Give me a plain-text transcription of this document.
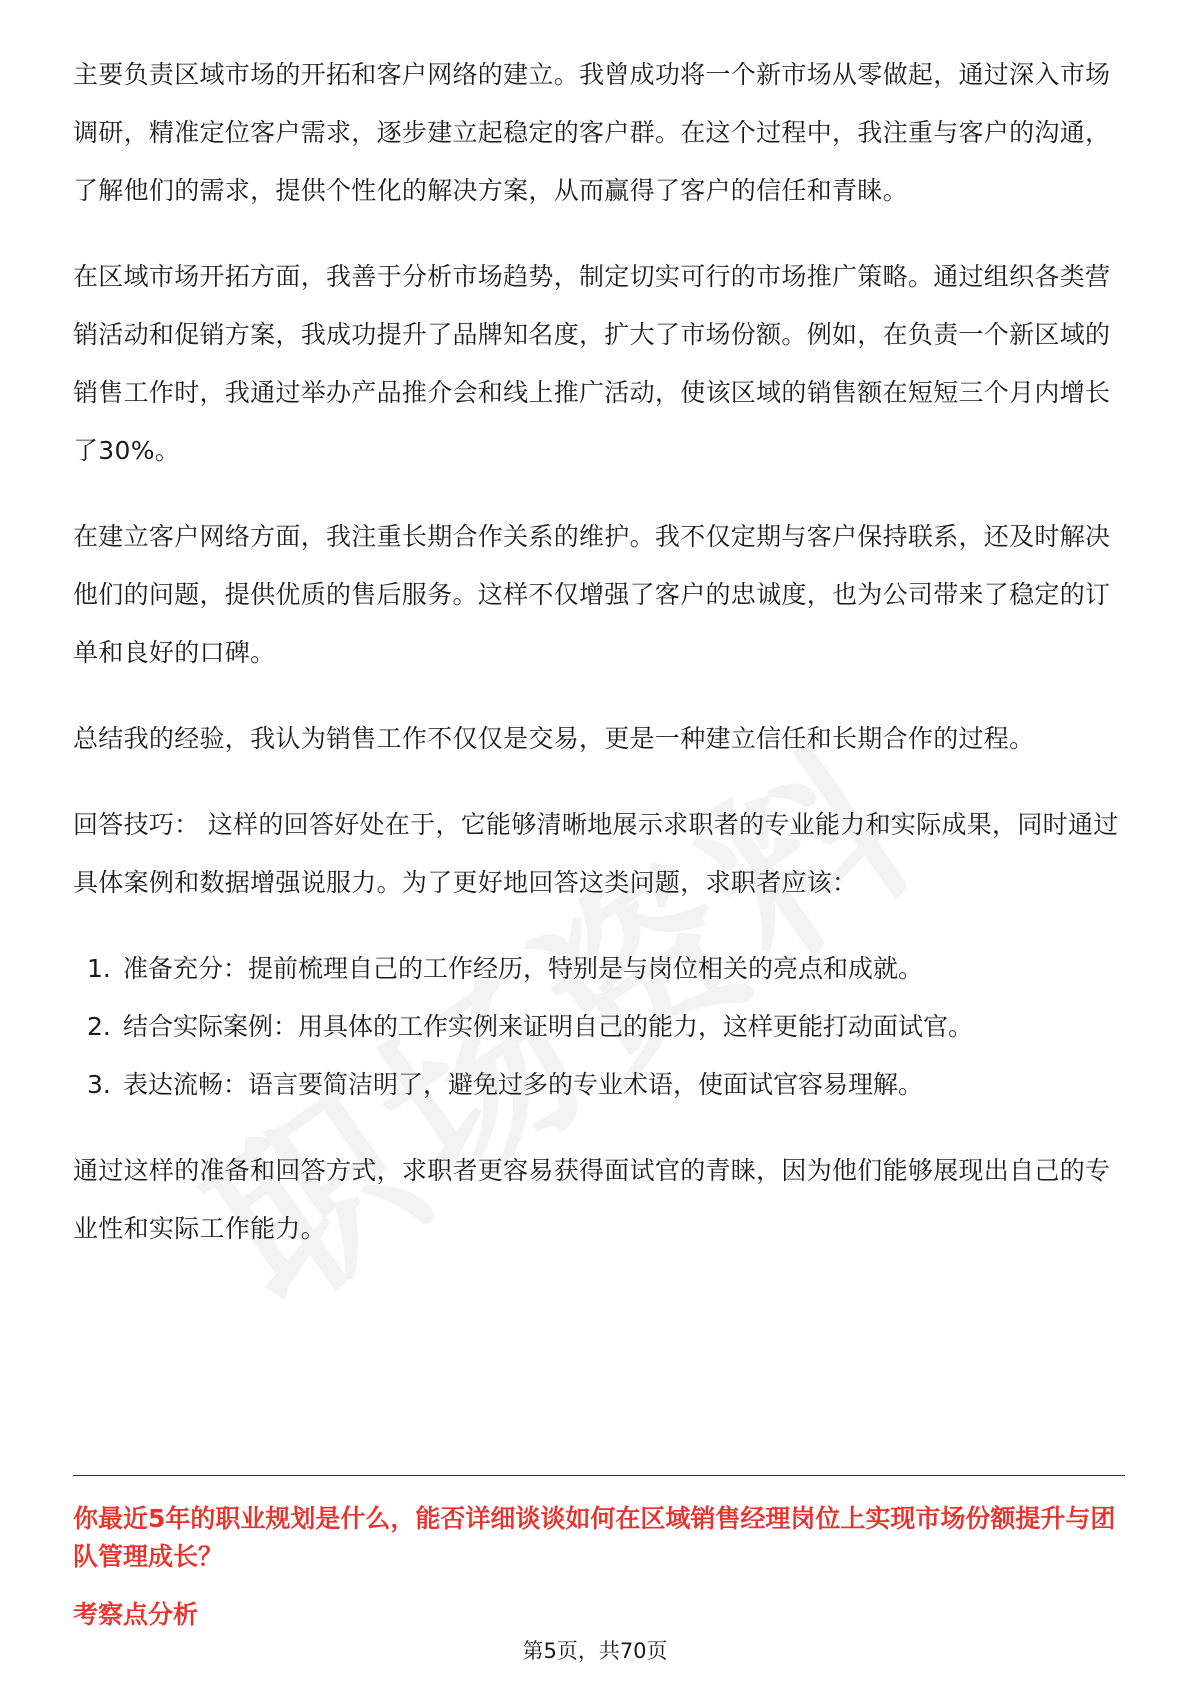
主要负责区域市场的开拓和客户网络的建立。我曾成功将一个新市场从零做起，通过深入市场调研，精准定位客户需求，逐步建立起稳定的客户群。在这个过程中，我注重与客户的沟通，了解他们的需求，提供个性化的解决方案，从而赢得了客户的信任和青睐。

在区域市场开拓方面，我善于分析市场趋势，制定切实可行的市场推广策略。通过组织各类营销活动和促销方案，我成功提升了品牌知名度，扩大了市场份额。例如，在负责一个新区域的销售工作时，我通过举办产品推介会和线上推广活动，使该区域的销售额在短短三个月内增长了30%。

在建立客户网络方面，我注重长期合作关系的维护。我不仅定期与客户保持联系，还及时解决他们的问题，提供优质的售后服务。这样不仅增强了客户的忠诚度，也为公司带来了稳定的订单和良好的口碑。

总结我的经验，我认为销售工作不仅仅是交易，更是一种建立信任和长期合作的过程。

回答技巧： 这样的回答好处在于，它能够清晰地展示求职者的专业能力和实际成果，同时通过具体案例和数据增强说服力。为了更好地回答这类问题，求职者应该：

1. 准备充分：提前梳理自己的工作经历，特别是与岗位相关的亮点和成就。
2. 结合实际案例：用具体的工作实例来证明自己的能力，这样更能打动面试官。
3. 表达流畅：语言要简洁明了，避免过多的专业术语，使面试官容易理解。

通过这样的准备和回答方式，求职者更容易获得面试官的青睐，因为他们能够展现出自己的专业性和实际工作能力。

你最近5年的职业规划是什么，能否详细谈谈如何在区域销售经理岗位上实现市场份额提升与团队管理成长？

考察点分析

第5页，共70页
